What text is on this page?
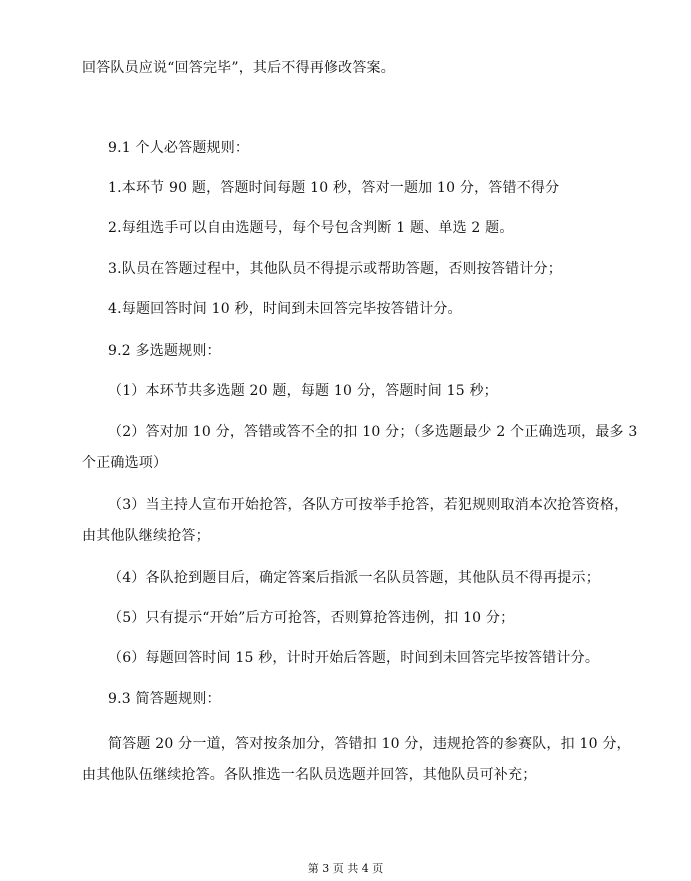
回答队员应说“回答完毕”，其后不得再修改答案。
9.1 个人必答题规则：
1.本环节 90 题，答题时间每题 10 秒，答对一题加 10 分，答错不得分
2.每组选手可以自由选题号，每个号包含判断 1 题、单选 2 题。
3.队员在答题过程中，其他队员不得提示或帮助答题，否则按答错计分；
4.每题回答时间 10 秒，时间到未回答完毕按答错计分。
9.2 多选题规则：
（1）本环节共多选题 20 题，每题 10 分，答题时间 15 秒；
（2）答对加 10 分，答错或答不全的扣 10 分；（多选题最少 2 个正确选项，最多 3
个正确选项）
（3）当主持人宣布开始抢答，各队方可按举手抢答，若犯规则取消本次抢答资格，
由其他队继续抢答；
（4）各队抢到题目后，确定答案后指派一名队员答题，其他队员不得再提示；
（5）只有提示“开始”后方可抢答，否则算抢答违例，扣 10 分；
（6）每题回答时间 15 秒，计时开始后答题，时间到未回答完毕按答错计分。
9.3 简答题规则：
简答题 20 分一道，答对按条加分，答错扣 10 分，违规抢答的参赛队，扣 10 分，
由其他队伍继续抢答。各队推选一名队员选题并回答，其他队员可补充；
第 3 页 共 4 页
